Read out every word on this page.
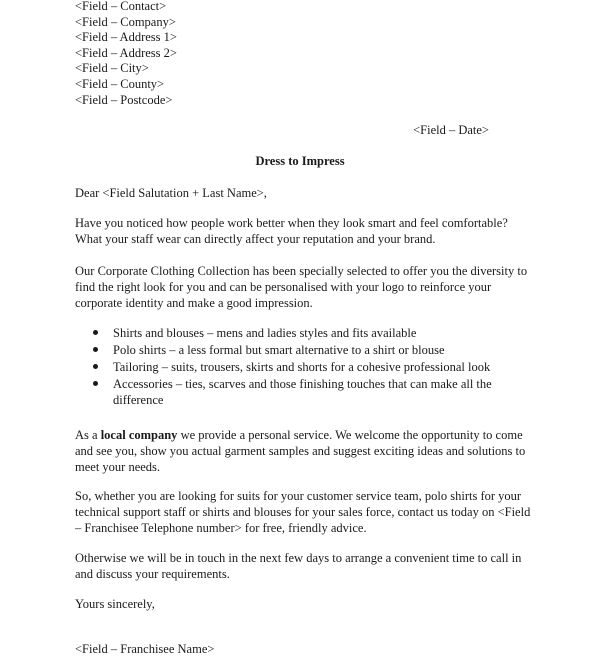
<Field – Contact>
<Field – Company>
<Field – Address 1>
<Field – Address 2>
<Field – City>
<Field – County>
<Field – Postcode>
<Field – Date>
Dress to Impress
Dear <Field Salutation + Last Name>,
Have you noticed how people work better when they look smart and feel comfortable?
What your staff wear can directly affect your reputation and your brand.
Our Corporate Clothing Collection has been specially selected to offer you the diversity to
find the right look for you and can be personalised with your logo to reinforce your
corporate identity and make a good impression.
Shirts and blouses – mens and ladies styles and fits available
Polo shirts – a less formal but smart alternative to a shirt or blouse
Tailoring – suits, trousers, skirts and shorts for a cohesive professional look
Accessories – ties, scarves and those finishing touches that can make all the
difference
As a local company we provide a personal service. We welcome the opportunity to come
and see you, show you actual garment samples and suggest exciting ideas and solutions to
meet your needs.
So, whether you are looking for suits for your customer service team, polo shirts for your
technical support staff or shirts and blouses for your sales force, contact us today on <Field
– Franchisee Telephone number> for free, friendly advice.
Otherwise we will be in touch in the next few days to arrange a convenient time to call in
and discuss your requirements.
Yours sincerely,
<Field – Franchisee Name>
